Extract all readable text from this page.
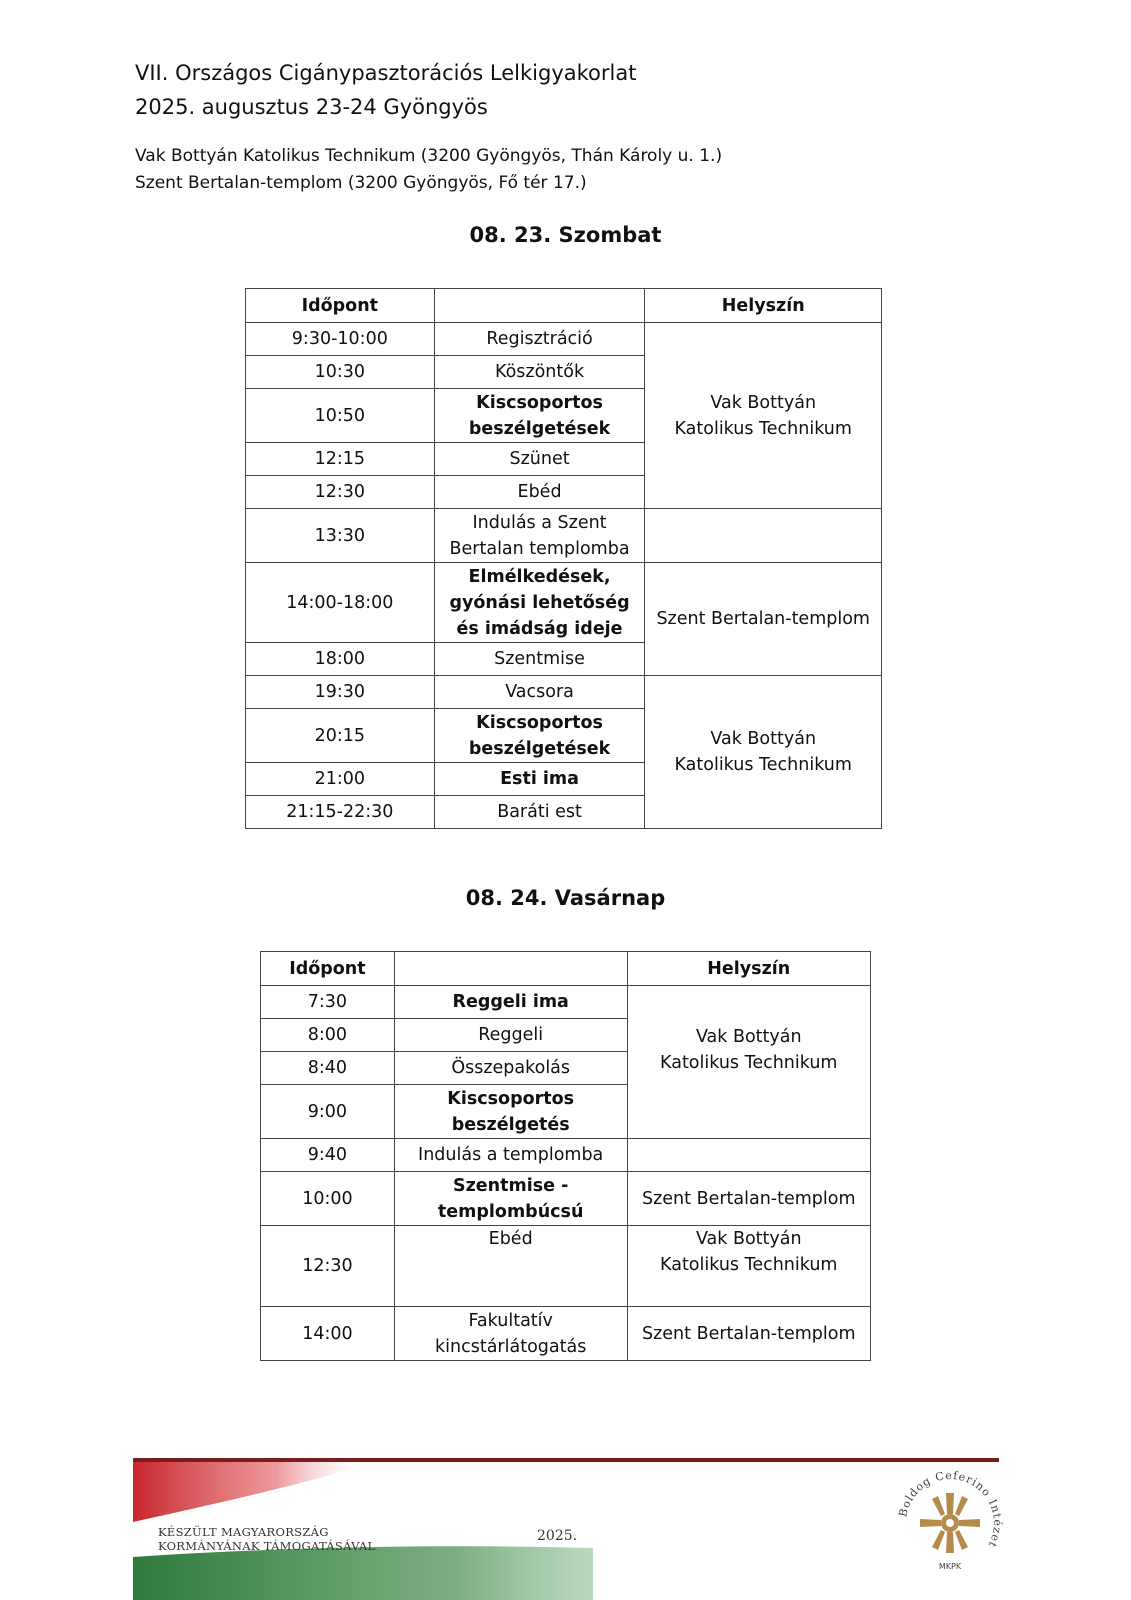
VII. Országos Cigánypasztorációs Lelkigyakorlat
2025. augusztus 23-24 Gyöngyös
Vak Bottyán Katolikus Technikum (3200 Gyöngyös, Thán Károly u. 1.)
Szent Bertalan-templom (3200 Gyöngyös, Fő tér 17.)
08. 23. Szombat
Időpont		Helyszín
9:30-10:00	Regisztráció	Vak Bottyán
Katolikus Technikum

10:30	Köszöntők	
10:50	Kiscsoportos beszélgetések	
12:15	Szünet	
12:30	Ebéd	
13:30	Indulás a Szent Bertalan templomba	
14:00-18:00	Elmélkedések, gyónási lehetőség és imádság ideje	Szent Bertalan-templom
18:00	Szentmise	
19:30	Vacsora	Vak Bottyán
Katolikus Technikum

20:15	Kiscsoportos beszélgetések	
21:00	Esti ima	
21:15-22:30	Baráti est	
08. 24. Vasárnap
Időpont		Helyszín
7:30	Reggeli ima	Vak Bottyán
Katolikus Technikum

8:00	Reggeli	
8:40	Összepakolás	
9:00	Kiscsoportos beszélgetés	
9:40	Indulás a templomba	
10:00	Szentmise - templombúcsú	Szent Bertalan-templom
12:30	Ebéd	Vak Bottyán
Katolikus Technikum

14:00	Fakultatív kincstárlátogatás	Szent Bertalan-templom
KÉSZÜLT MAGYARORSZÁG
KORMÁNYÁNAK TÁMOGATÁSÁVAL
2025.
Boldog Ceferino Intézet
MKPK
